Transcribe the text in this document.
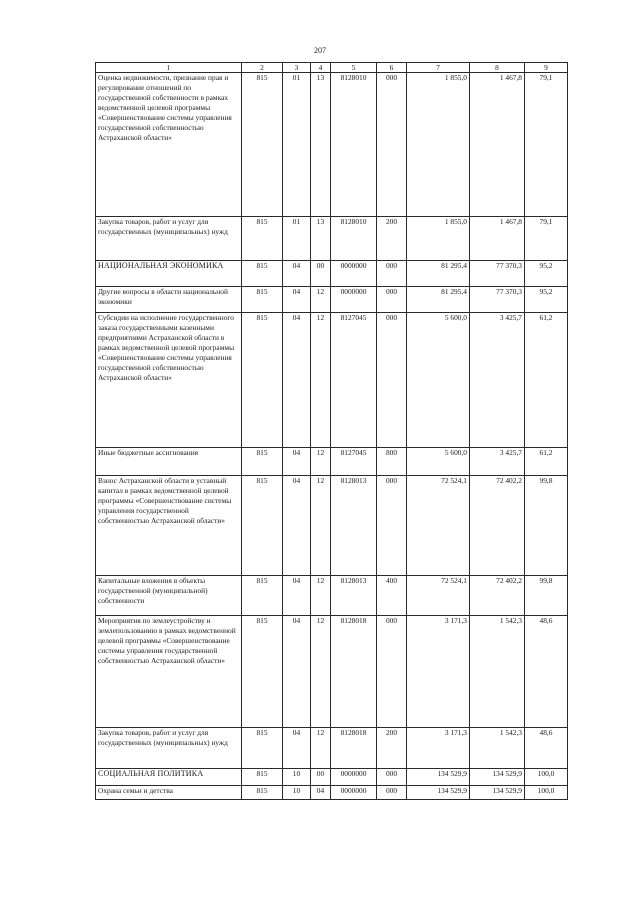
207
1	2	3	4	5	6	7	8	9
Оценка недвижимости, признание прав и регулирование отношений по государственной собственности в рамках ведомственной целевой программы «Совершенствование системы управления государственной собственностью Астраханской области»	815	01	13	8128010	000	1 855,0	1 467,8	79,1
Закупка товаров, работ и услуг для государственных (муниципальных) нужд	815	01	13	8128010	200	1 855,0	1 467,8	79,1
НАЦИОНАЛЬНАЯ ЭКОНОМИКА	815	04	00	0000000	000	81 295,4	77 370,3	95,2
Другие вопросы в области национальной экономики	815	04	12	0000000	000	81 295,4	77 370,3	95,2
Субсидии на исполнение государственного заказа государственными казенными предприятиями Астраханской области в рамках ведомственной целевой программы «Совершенствование системы управления государственной собственностью Астраханской области»	815	04	12	8127045	000	5 600,0	3 425,7	61,2
Иные бюджетные ассигнования	815	04	12	8127045	800	5 600,0	3 425,7	61,2
Взнос Астраханской области в уставный капитал в рамках ведомственной целевой программы «Совершенствование системы управления государственной собственностью Астраханской области»	815	04	12	8128013	000	72 524,1	72 402,2	99,8
Капитальные вложения в объекты государственной (муниципальной) собственности	815	04	12	8128013	400	72 524,1	72 402,2	99,8
Мероприятия по землеустройству и землепользованию в рамках ведомственной целевой программы «Совершенствование системы управления государственной собственностью Астраханской области»	815	04	12	8128018	000	3 171,3	1 542,3	48,6
Закупка товаров, работ и услуг для государственных (муниципальных) нужд	815	04	12	8128018	200	3 171,3	1 542,3	48,6
СОЦИАЛЬНАЯ ПОЛИТИКА	815	10	00	0000000	000	134 529,9	134 529,9	100,0
Охрана семьи и детства	815	10	04	0000000	000	134 529,9	134 529,9	100,0
